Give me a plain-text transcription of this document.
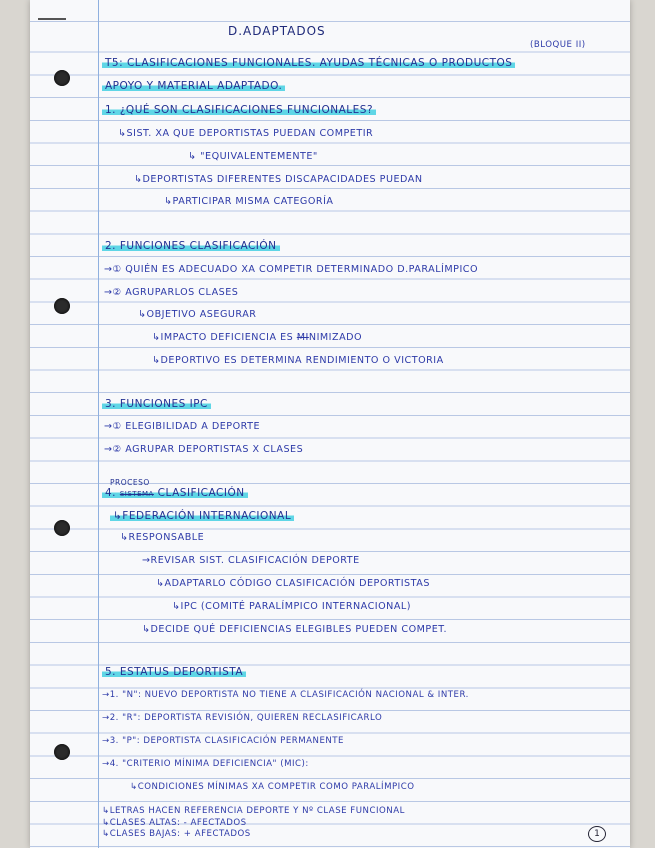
D.ADAPTADOS
(BLOQUE II)
T5: CLASIFICACIONES FUNCIONALES. AYUDAS TÉCNICAS O PRODUCTOS
APOYO Y MATERIAL ADAPTADO.
1. ¿QUÉ SON CLASIFICACIONES FUNCIONALES?
↳SIST. XA QUE DEPORTISTAS PUEDAN COMPETIR
↳ "EQUIVALENTEMENTE"
↳DEPORTISTAS DIFERENTES DISCAPACIDADES PUEDAN
↳PARTICIPAR MISMA CATEGORÍA
2. FUNCIONES CLASIFICACIÓN
→① QUIÉN ES ADECUADO XA COMPETIR DETERMINADO D.PARALÍMPICO
→② AGRUPARLOS CLASES
↳OBJETIVO ASEGURAR
↳IMPACTO DEFICIENCIA ES MINIMIZADO
↳DEPORTIVO ES DETERMINA RENDIMIENTO O VICTORIA
3. FUNCIONES IPC
→① ELEGIBILIDAD A DEPORTE
→② AGRUPAR DEPORTISTAS X CLASES
4. SISTEMA
PROCESO
CLASIFICACIÓN
↳FEDERACIÓN INTERNACIONAL
↳RESPONSABLE
→REVISAR SIST. CLASIFICACIÓN DEPORTE
↳ADAPTARLO CÓDIGO CLASIFICACIÓN DEPORTISTAS
↳IPC (COMITÉ PARALÍMPICO INTERNACIONAL)
↳DECIDE QUÉ DEFICIENCIAS ELEGIBLES PUEDEN COMPET.
5. ESTATUS DEPORTISTA
→1. "N": NUEVO DEPORTISTA NO TIENE A CLASIFICACIÓN NACIONAL & INTER.
→2. "R": DEPORTISTA REVISIÓN, QUIEREN RECLASIFICARLO
→3. "P": DEPORTISTA CLASIFICACIÓN PERMANENTE
→4. "CRITERIO MÍNIMA DEFICIENCIA" (MIC):
↳CONDICIONES MÍNIMAS XA COMPETIR COMO PARALÍMPICO
↳LETRAS HACEN REFERENCIA DEPORTE Y Nº CLASE FUNCIONAL
↳CLASES ALTAS: - AFECTADOS
↳CLASES BAJAS: + AFECTADOS	1
